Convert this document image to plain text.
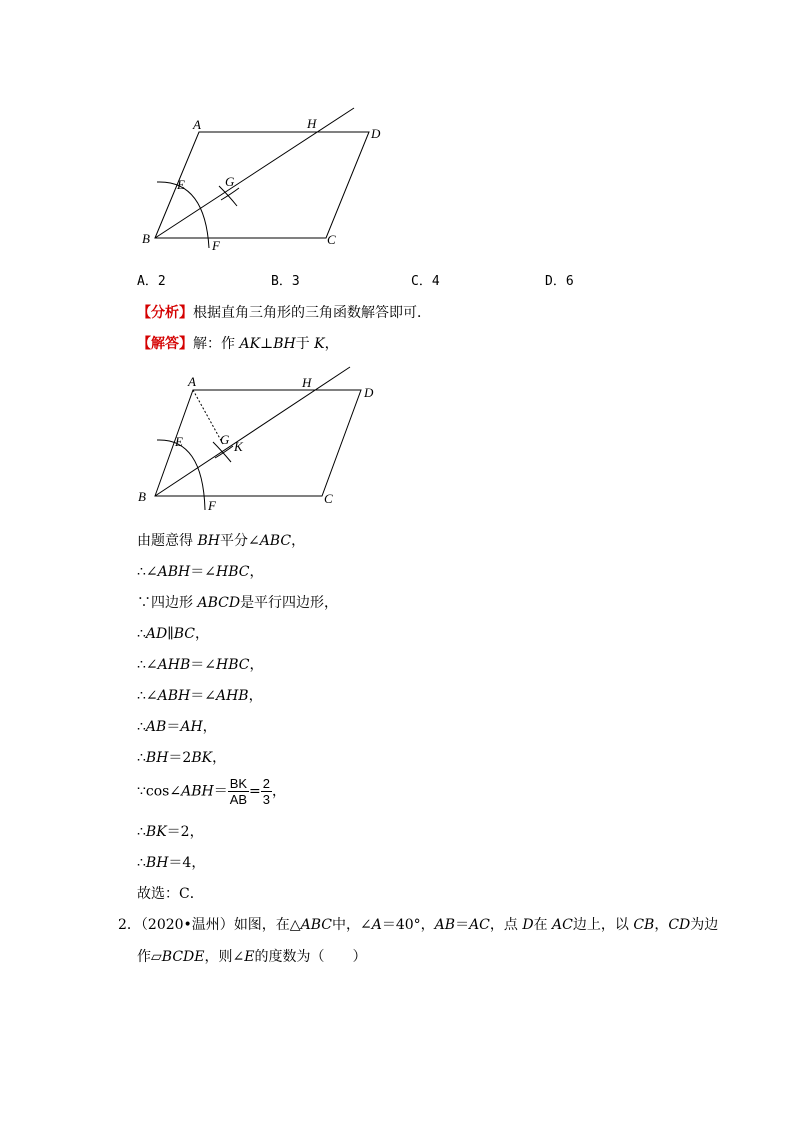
A	H
D
E	G
B	F	C
A．2	B．3	C．4	D．6
【分析】根据直角三角形的三角函数解答即可．
【解答】解：作 AK⊥BH于 K，
A	H
D
E	G K
B
F	C
由题意得 BH平分∠ABC，
∴∠ABH＝∠HBC，
∵四边形 ABCD是平行四边形，
∴AD∥BC，
∴∠AHB＝∠HBC，
∴∠ABH＝∠AHB，
∴AB＝AH，
∴BH＝2BK，
∵cos∠ABH＝ $\frac{BK}{AB} = \frac{2}{3}$ ，
∴BK＝2，
∴BH＝4，
故选：C．
2．（2020•温州）如图，在△ABC中，∠A＝40°，AB＝AC，点 D在 AC边上，以 CB，CD为边
作▱BCDE，则∠E的度数为（　　）
